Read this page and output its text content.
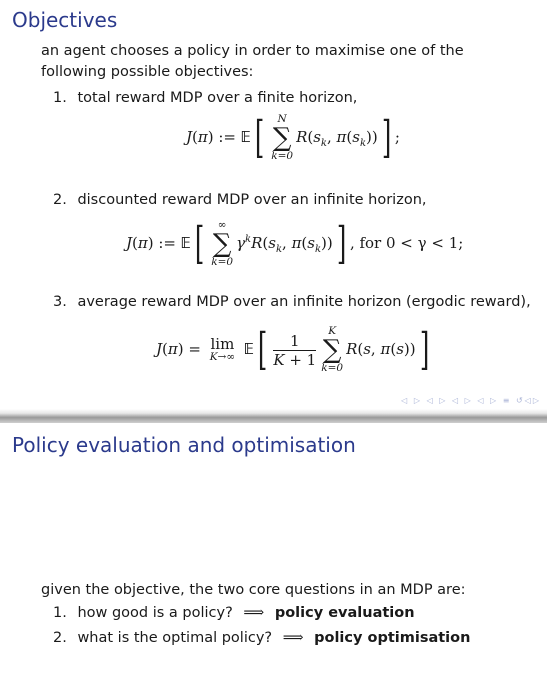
Objectives
an agent chooses a policy in order to maximise one of the following possible objectives:
1. total reward MDP over a finite horizon,
J(π) := 𝔼[	N
∑
k=0
$R(s_k$, $\pi(s_k)$)] ;
2. discounted reward MDP over an infinite horizon,
J(π) := 𝔼[	∞
∑
k=0
$\gamma^kR(s_k$, $\pi(s_k)$)] , for 0 < γ < 1;
3. average reward MDP over an infinite horizon (ergodic reward),
J(π) = lim
K→∞ 𝔼[ $\frac{1}{K + 1}$
K
∑
k=0
R(s, π(s))]
◁ ▷ ◁ ▷ ◁ ▷ ◁ ▷ ≡ ↺◁▷
Policy evaluation and optimisation
given the objective, the two core questions in an MDP are:
1. how good is a policy? ⟹ policy evaluation
2. what is the optimal policy? ⟹ policy optimisation
